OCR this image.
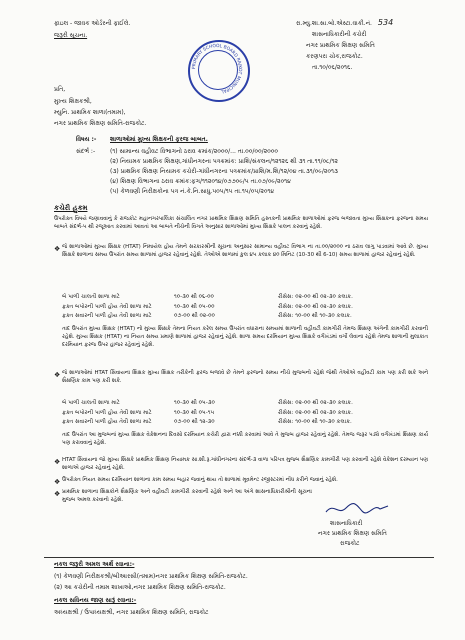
ફાઇલ - જાવક ઓર્ડરની ફાઈલે.
જરૂરી સૂચના.
PRIMARY SCHOOL BOARD RAJKOT MUNICIPAL
રા.મ્યુ.શા.સા.બો.એસ્ટા.વાકી.નં. 534
શાસનાધિકારીની કચેરી
નગર પ્રાથમિક શિક્ષણ સમિતિ
કરણપરા ચોક,રાજકોટ.
તા.૧૦/૦૬/૨૦૧૬.
પ્રતિ,
મુખ્ય શિક્ષકશ્રી,
મ્યુનિ. પ્રાથમિક શાળા(તમામ),
નગર પ્રાથમિક શિક્ષણ સમિતિ-રાજકોટ.
વિષય :- શાળાઓમાં મુખ્ય શિક્ષકની ફરજ બાબત.
સંદર્ભ :- (૧) સામાન્ય વહીવટ વિભાગનો ઠરાવ ક્રમાંક/૨૦૦૦/... તા.૦૦/૦૦/૨૦૦૦
(૨) નિયામક પ્રાથમિક શિક્ષણ,ગાંધીનગરના પત્રક્રમાંક: પ્રાશિ/સંકલન/૧૨૧૨૬ થી ૩૧ તા.૧૧/૦૮/૧૨
(૩) પ્રાથમિક શિક્ષણ નિયામક કચેરી-ગાંધીનગરના પત્રક્રમાંક/પ્રાશિ/મ.શિ/૧૨/૦૪ તા.૩૧/૦૯/૨૦૧૩
(૪) શિક્ષણ વિભાગના ઠરાવ ક્રમાંક:ફગ/૧૧૨૦૧૪/૦૭૭૦૯/૫ તા.૦૭/૦૯/૨૦૧૪
(૫) કેળવણી નિરીક્ષકોના પત્ર નં.કે.નિ.સાધુ.૫૦૫/૧૫ તા.૧૫/૦૫/૨૦૧૪
કચેરી હુકમ
ઉપરોક્ત વિષયે જણાવવાનું કે રાજકોટ મહાનગરપાલિકા સંચાલિત નગર પ્રાથમિક શિક્ષણ સમિતિ હસ્તકની પ્રાથમિક શાળાઓમાં ફરજ બજાવતા મુખ્ય શિક્ષકના ફરજના સમય બાબતે સંદર્ભ-૫ થી રજૂઆત કરવામાં આવતાં આ બાબતે નીચેની વિગતે અનુસાર શાળાઓમાં મુખ્ય શિક્ષકે પાલન કરવાનું રહેશે.
❖ જે શાળાઓમાં મુખ્ય શિક્ષક (HTAT) નિમાયેલ હોય તેમને સરકારશ્રીની સૂચના અનુસાર સામાન્ય વહીવટ વિભાગ ના તા.૦૦/૨૦૦૦ ના ઠરાવ લાગુ પાડવામાં આવે છે. મુખ્ય શિક્ષકે શાળાના સમય ઉપરાંત સમય શાળામાં હાજર રહેવાનું રહેશે. તેઓએ શાળામાં કુલ ૪૫ કલાક ૪૦ મિનિટ (10-30 થી 6-10) સમય શાળામાં હાજર રહેવાનું રહેશે.
બે પાળી ચાલતી શાળા માટે	૧૦-૩૦ થી ૦૬-૦૦	રીસેસ: ૦૨-૦૦ થી ૦૨-૩૦ કલાક.
ફક્ત બપોરની પાળી હોય તેવી શાળા માટે	૧૦-૩૦ થી ૦૫-૦૦	રીસેસ: ૦૨-૦૦ થી ૦૨-૩૦ કલાક.
ફક્ત સવારની પાળી હોય તેવી શાળા માટે	૦૭-૦૦ થી ૦૨-૦૦	રીસેસ: ૧૦-૦૦ થી ૧૦-૩૦ કલાક.
તાદ ઉપરાંત મુખ્ય શિક્ષક (HTAT) નો મુખ્ય શિક્ષકે તેમના નિયત કરેલ સમય ઉપરાંત વધારાના સમયમાં શાળાની વહીવટી કામગીરી તેમજ શિક્ષણ અંગેની કામગીરી કરવાની રહેશે. મુખ્ય શિક્ષક (HTAT) ના નિયત સમય પ્રમાણે શાળામાં હાજર રહેવાનું રહેશે. શાળા સમય દરમિયાન મુખ્ય શિક્ષકે વર્ગખંડમાં વર્ગો લેવાના રહેશે તેમજ શાળાની મુલાકાત દરમિયાન ફરજ ઉપર હાજર રહેવાનું રહેશે.
❖ જે શાળાઓમાં HTAT સિવાયના શિક્ષક મુખ્ય શિક્ષક તરીકેની ફરજ બજાવે છે તેમને ફરજનો સમય નીચે મુજબનો રહેશે જેથી તેઓએ વહીવટી કામ પણ કરી શકે અને શૈક્ષણિક કામ પણ કરી શકે.
બે પાળી ચાલતી શાળા માટે	૧૦-૩૦ થી ૦૫-૩૦	રીસેસ: ૦૨-૦૦ થી ૦૨-૩૦ કલાક.
ફક્ત બપોરની પાળી હોય તેવી શાળા માટે	૧૦-૩૦ થી ૦૫-૧૫	રીસેસ: ૦૨-૦૦ થી ૦૨-૩૦ કલાક.
ફક્ત સવારની પાળી હોય તેવી શાળા માટે	૦૭-૦૦ થી ૧૨-૩૦	રીસેસ: ૧૦-૦૦ થી ૧૦-૩૦ કલાક.
તાદ ઉપરાંત આ મુજબનાં મુખ્ય શિક્ષક વેકેશનના દિવસો દરમિયાન કચેરી દ્વારા નક્કી કરવામાં આવે તે મુજબ હાજર રહેવાનું રહેશે. તેમજ જરૂર પડ્યે વર્ગખંડમાં શિક્ષણ કાર્ય પણ કરાવવાનું રહેશે.
❖ HTAT સિવાયના જો મુખ્ય શિક્ષકે પ્રાથમિક શિક્ષણ નિયામક સા.શી.રૂ.ગાંધીનગરના સંદર્ભ-૩ વાળા પરિપત્ર મુજબ શૈક્ષણિક કામગીરી પણ કરવાની રહેશે વેકેશન દરમ્યાન પણ શાળાએ હાજર રહેવાનું રહેશે.
❖ ઉપરોક્ત નિયત સમય દરમિયાન શાળાના કામ સમય બહાર જવાનું થાય તો શાળામાં મૂવમેન્ટ રજીસ્ટરમાં નોંધ કરીને જવાનું રહેશે.
❖ પ્રાથમિક શાળાના શિક્ષકોને શૈક્ષણિક અને વહીવટી કામગીરી કરવાની રહેશે અને આ અંગે શાસનાધિકારીશ્રીની સૂચના મુજબ અમલ કરવાનો રહેશે.
શાસનાધિકારી
નગર પ્રાથમિક શિક્ષણ સમિતિ
રાજકોટ
નકલ જરૂરી અમલ અર્થે રવાના:-
(૧) કેળવણી નિરીક્ષકશ્રી/બીઆરસી(તમામ)નગર પ્રાથમિક શિક્ષણ સમિતિ-રાજકોટ.
(૨) આ કચેરીની તમામ શાખાઓ,નગર પ્રાથમિક શિક્ષણ સમિતિ-રાજકોટ.
નકલ સવિનય જાણ સારૂં રવાના:-
અધ્યક્ષશ્રી / ઉપાધ્યક્ષશ્રી, નગર પ્રાથમિક શિક્ષણ સમિતિ, રાજકોટ
